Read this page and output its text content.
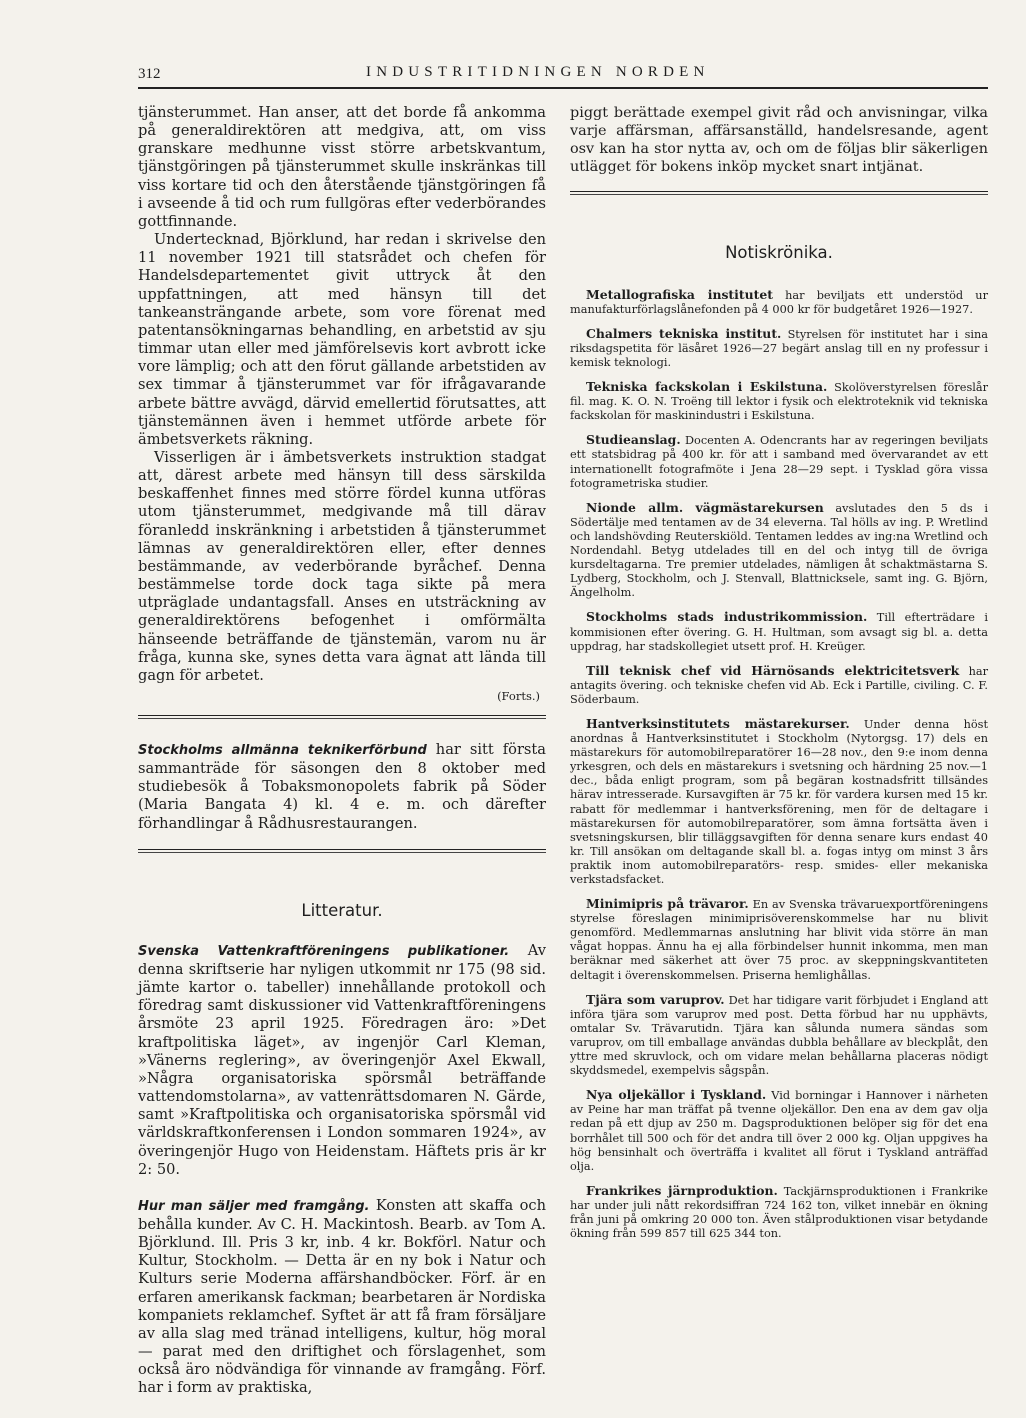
312	INDUSTRITIDNINGEN NORDEN

tjänsterummet. Han anser, att det borde få ankomma på generaldirektören att medgiva, att, om viss granskare medhunne visst större arbetskvantum, tjänstgöringen på tjänsterummet skulle inskränkas till viss kortare tid och den återstående tjänstgöringen få i avseende å tid och rum fullgöras efter vederbörandes gottfinnande.

Undertecknad, Björklund, har redan i skrivelse den 11 november 1921 till statsrådet och chefen för Handelsdepartementet givit uttryck åt den uppfattningen, att med hänsyn till det tankeansträngande arbete, som vore förenat med patentansökningarnas behandling, en arbetstid av sju timmar utan eller med jämförelsevis kort avbrott icke vore lämplig; och att den förut gällande arbetstiden av sex timmar å tjänsterummet var för ifrågavarande arbete bättre avvägd, därvid emellertid förutsattes, att tjänstemännen även i hemmet utförde arbete för ämbetsverkets räkning.

Visserligen är i ämbetsverkets instruktion stadgat att, därest arbete med hänsyn till dess särskilda beskaffenhet finnes med större fördel kunna utföras utom tjänsterummet, medgivande må till därav föranledd inskränkning i arbetstiden å tjänsterummet lämnas av generaldirektören eller, efter dennes bestämmande, av vederbörande byråchef. Denna bestämmelse torde dock taga sikte på mera utpräglade undantagsfall. Anses en utsträckning av generaldirektörens befogenhet i omförmälta hänseende beträffande de tjänstemän, varom nu är fråga, kunna ske, synes detta vara ägnat att lända till gagn för arbetet.

(Forts.)

Stockholms allmänna teknikerförbund har sitt första sammanträde för säsongen den 8 oktober med studiebesök å Tobaksmonopolets fabrik på Söder (Maria Bangata 4) kl. 4 e. m. och därefter förhandlingar å Rådhusrestaurangen.

Litteratur.

Svenska Vattenkraftföreningens publikationer. Av denna skriftserie har nyligen utkommit nr 175 (98 sid. jämte kartor o. tabeller) innehållande protokoll och föredrag samt diskussioner vid Vattenkraftföreningens årsmöte 23 april 1925. Föredragen äro: »Det kraftpolitiska läget», av ingenjör Carl Kleman, »Vänerns reglering», av överingenjör Axel Ekwall, »Några organisatoriska spörsmål beträffande vattendomstolarna», av vattenrättsdomaren N. Gärde, samt »Kraftpolitiska och organisatoriska spörsmål vid världskraftkonferensen i London sommaren 1924», av överingenjör Hugo von Heidenstam. Häftets pris är kr 2: 50.

Hur man säljer med framgång. Konsten att skaffa och behålla kunder. Av C. H. Mackintosh. Bearb. av Tom A. Björklund. Ill. Pris 3 kr, inb. 4 kr. Bokförl. Natur och Kultur, Stockholm. — Detta är en ny bok i Natur och Kulturs serie Moderna affärshandböcker. Förf. är en erfaren amerikansk fackman; bearbetaren är Nordiska kompaniets reklamchef. Syftet är att få fram försäljare av alla slag med tränad intelligens, kultur, hög moral — parat med den driftighet och förslagenhet, som också äro nödvändiga för vinnande av framgång. Förf. har i form av praktiska,

piggt berättade exempel givit råd och anvisningar, vilka varje affärsman, affärsanställd, handelsresande, agent osv kan ha stor nytta av, och om de följas blir säkerligen utlägget för bokens inköp mycket snart intjänat.

Notiskrönika.

Metallografiska institutet har beviljats ett understöd ur manufakturförlagslånefonden på 4 000 kr för budgetåret 1926—1927.

Chalmers tekniska institut. Styrelsen för institutet har i sina riksdagspetita för läsåret 1926—27 begärt anslag till en ny professur i kemisk teknologi.

Tekniska fackskolan i Eskilstuna. Skolöverstyrelsen föreslår fil. mag. K. O. N. Troëng till lektor i fysik och elektroteknik vid tekniska fackskolan för maskinindustri i Eskilstuna.

Studieanslag. Docenten A. Odencrants har av regeringen beviljats ett statsbidrag på 400 kr. för att i samband med övervarandet av ett internationellt fotografmöte i Jena 28—29 sept. i Tysklad göra vissa fotogrametriska studier.

Nionde allm. vägmästarekursen avslutades den 5 ds i Södertälje med tentamen av de 34 eleverna. Tal hölls av ing. P. Wretlind och landshövding Reuterskiöld. Tentamen leddes av ing:na Wretlind och Nordendahl. Betyg utdelades till en del och intyg till de övriga kursdeltagarna. Tre premier utdelades, nämligen åt schaktmästarna S. Lydberg, Stockholm, och J. Stenvall, Blattnicksele, samt ing. G. Björn, Ängelholm.

Stockholms stads industrikommission. Till efterträdare i kommisionen efter övering. G. H. Hultman, som avsagt sig bl. a. detta uppdrag, har stadskollegiet utsett prof. H. Kreüger.

Till teknisk chef vid Härnösands elektricitetsverk har antagits övering. och tekniske chefen vid Ab. Eck i Partille, civiling. C. F. Söderbaum.

Hantverksinstitutets mästarekurser. Under denna höst anordnas å Hantverksinstitutet i Stockholm (Nytorgsg. 17) dels en mästarekurs för automobilreparatörer 16—28 nov., den 9:e inom denna yrkesgren, och dels en mästarekurs i svetsning och härdning 25 nov.—1 dec., båda enligt program, som på begäran kostnadsfritt tillsändes härav intresserade. Kursavgiften är 75 kr. för vardera kursen med 15 kr. rabatt för medlemmar i hantverksförening, men för de deltagare i mästarekursen för automobilreparatörer, som ämna fortsätta även i svetsningskursen, blir tilläggsavgiften för denna senare kurs endast 40 kr. Till ansökan om deltagande skall bl. a. fogas intyg om minst 3 års praktik inom automobilreparatörs- resp. smides- eller mekaniska verkstadsfacket.

Minimipris på trävaror. En av Svenska trävaruexportföreningens styrelse föreslagen minimiprisöverenskommelse har nu blivit genomförd. Medlemmarnas anslutning har blivit vida större än man vågat hoppas. Ännu ha ej alla förbindelser hunnit inkomma, men man beräknar med säkerhet att över 75 proc. av skeppningskvantiteten deltagit i överenskommelsen. Priserna hemlighållas.

Tjära som varuprov. Det har tidigare varit förbjudet i England att införa tjära som varuprov med post. Detta förbud har nu upphävts, omtalar Sv. Trävarutidn. Tjära kan sålunda numera sändas som varuprov, om till emballage användas dubbla behållare av bleckplåt, den yttre med skruvlock, och om vidare melan behållarna placeras nödigt skyddsmedel, exempelvis sågspån.

Nya oljekällor i Tyskland. Vid borningar i Hannover i närheten av Peine har man träffat på tvenne oljekällor. Den ena av dem gav olja redan på ett djup av 250 m. Dagsproduktionen belöper sig för det ena borrhålet till 500 och för det andra till över 2 000 kg. Oljan uppgives ha hög bensinhalt och överträffa i kvalitet all förut i Tyskland anträffad olja.

Frankrikes järnproduktion. Tackjärnsproduktionen i Frankrike har under juli nått rekordsiffran 724 162 ton, vilket innebär en ökning från juni på omkring 20 000 ton. Även stålproduktionen visar betydande ökning från 599 857 till 625 344 ton.
